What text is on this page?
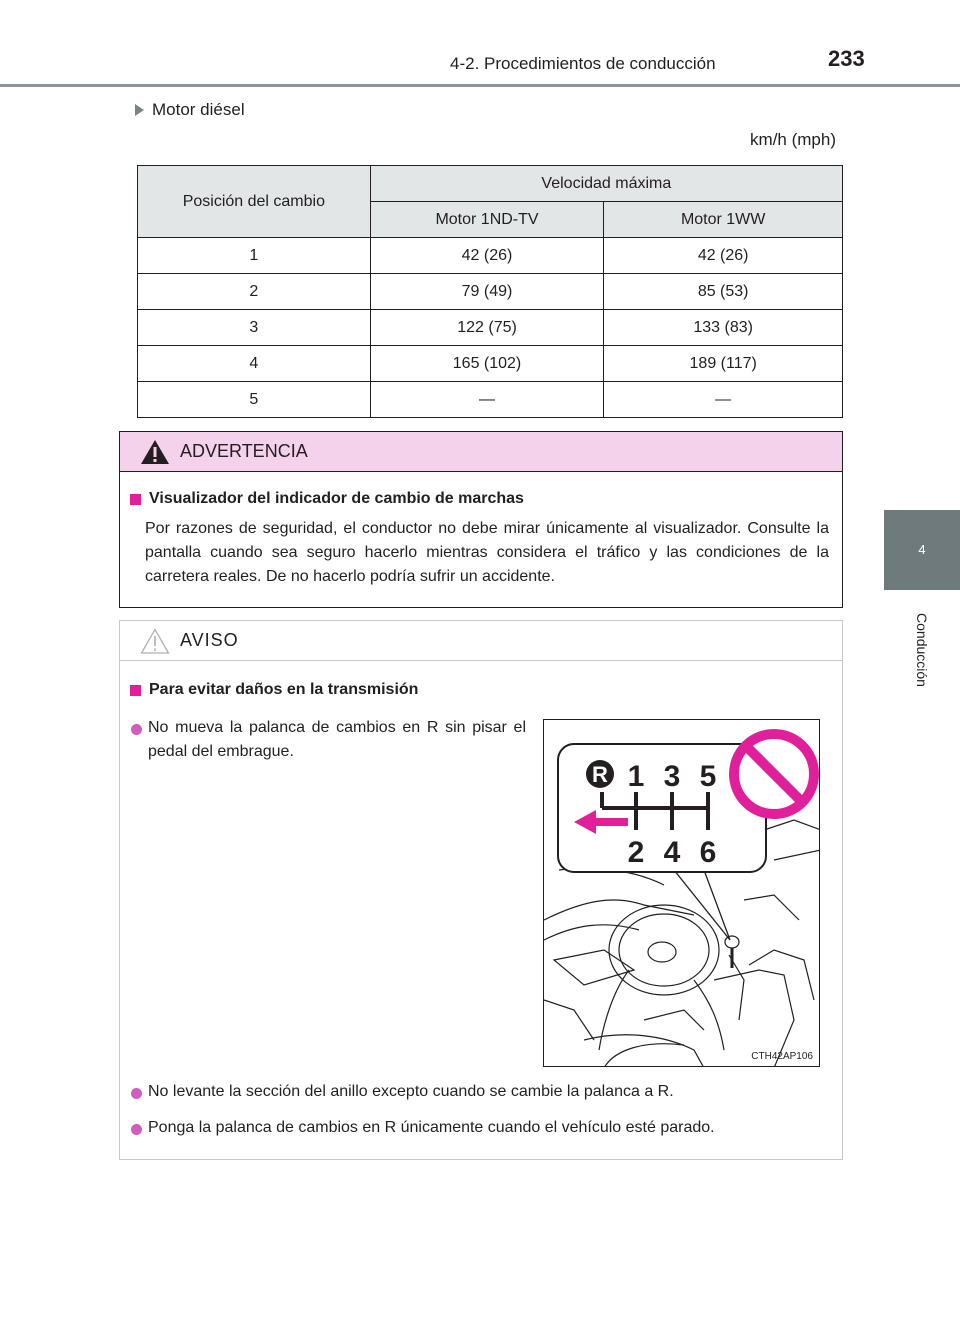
4-2. Procedimientos de conducción	233
4
Conducción
Motor diésel
km/h (mph)
Posición del cambio	Velocidad máxima	
	Motor 1ND-TV	Motor 1WW
1	42 (26)	42 (26)
2	79 (49)	85 (53)
3	122 (75)	133 (83)
4	165 (102)	189 (117)
5	—	—
ADVERTENCIA
Visualizador del indicador de cambio de marchas
Por razones de seguridad, el conductor no debe mirar únicamente al visualizador. Consulte la pantalla cuando sea seguro hacerlo mientras considera el tráfico y las condiciones de la carretera reales. De no hacerlo podría sufrir un accidente.
AVISO
Para evitar daños en la transmisión
No mueva la palanca de cambios en R sin pisar el pedal del embrague.
No levante la sección del anillo excepto cuando se cambie la palanca a R.
Ponga la palanca de cambios en R únicamente cuando el vehículo esté parado.
R 1 3 5
2 4 6
CTH42AP106
